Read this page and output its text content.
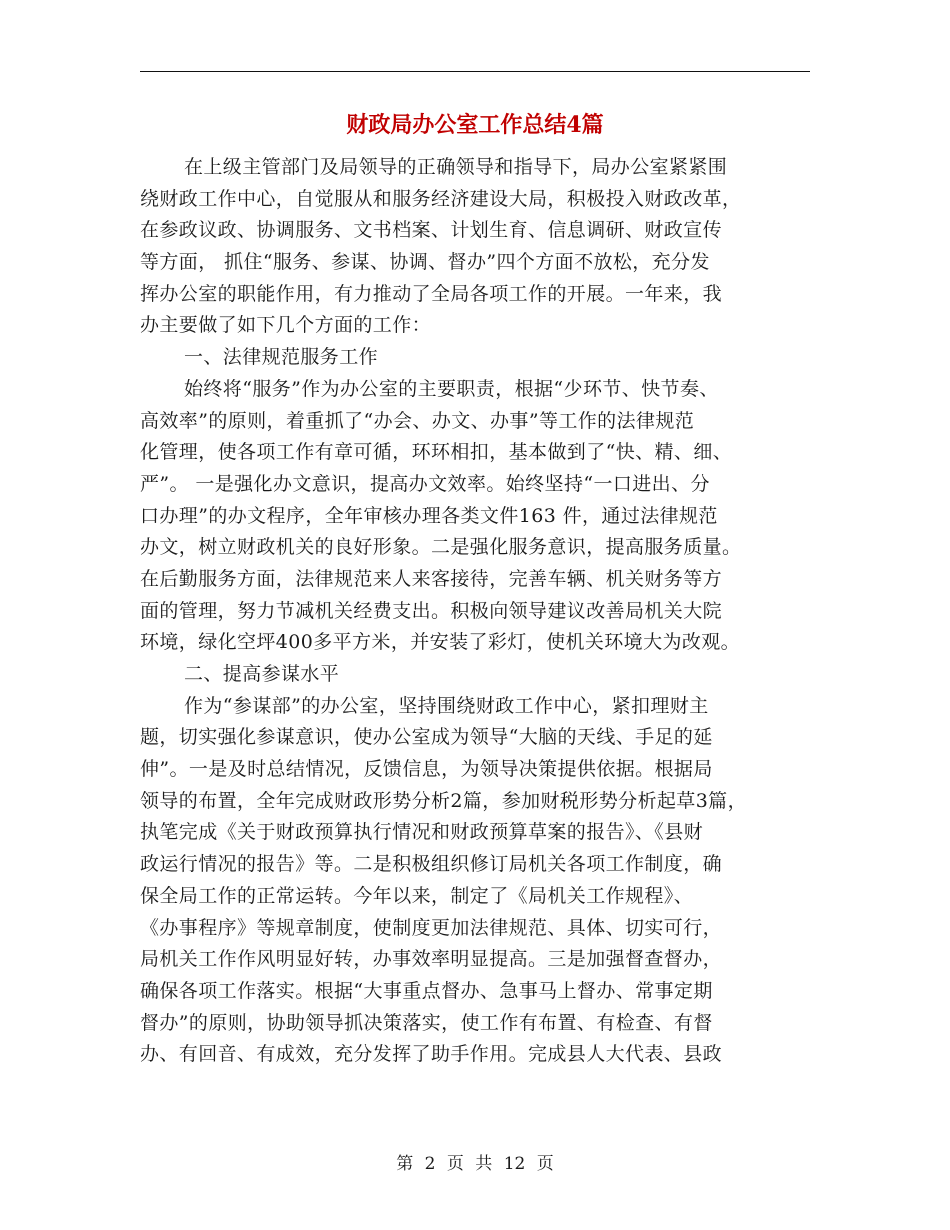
财政局办公室工作总结4篇
在上级主管部门及局领导的正确领导和指导下，局办公室紧紧围
绕财政工作中心，自觉服从和服务经济建设大局，积极投入财政改革，
在参政议政、协调服务、文书档案、计划生育、信息调研、财政宣传
等方面， 抓住“服务、参谋、协调、督办”四个方面不放松，充分发
挥办公室的职能作用，有力推动了全局各项工作的开展。一年来，我
办主要做了如下几个方面的工作：
一、法律规范服务工作
始终将“服务”作为办公室的主要职责，根据“少环节、快节奏、
高效率”的原则，着重抓了“办会、办文、办事”等工作的法律规范
化管理，使各项工作有章可循，环环相扣，基本做到了“快、精、细、
严”。 一是强化办文意识，提高办文效率。始终坚持“一口进出、分
口办理”的办文程序，全年审核办理各类文件163 件，通过法律规范
办文，树立财政机关的良好形象。二是强化服务意识，提高服务质量。
在后勤服务方面，法律规范来人来客接待，完善车辆、机关财务等方
面的管理，努力节减机关经费支出。积极向领导建议改善局机关大院
环境，绿化空坪400多平方米，并安装了彩灯，使机关环境大为改观。
二、提高参谋水平
作为“参谋部”的办公室，坚持围绕财政工作中心，紧扣理财主
题，切实强化参谋意识，使办公室成为领导“大脑的天线、手足的延
伸”。一是及时总结情况，反馈信息，为领导决策提供依据。根据局
领导的布置，全年完成财政形势分析2篇，参加财税形势分析起草3篇，
执笔完成《关于财政预算执行情况和财政预算草案的报告》、《县财
政运行情况的报告》等。二是积极组织修订局机关各项工作制度，确
保全局工作的正常运转。今年以来，制定了《局机关工作规程》、
《办事程序》等规章制度，使制度更加法律规范、具体、切实可行，
局机关工作作风明显好转，办事效率明显提高。三是加强督查督办，
确保各项工作落实。根据“大事重点督办、急事马上督办、常事定期
督办”的原则，协助领导抓决策落实，使工作有布置、有检查、有督
办、有回音、有成效，充分发挥了助手作用。完成县人大代表、县政
第 2 页 共 12 页
